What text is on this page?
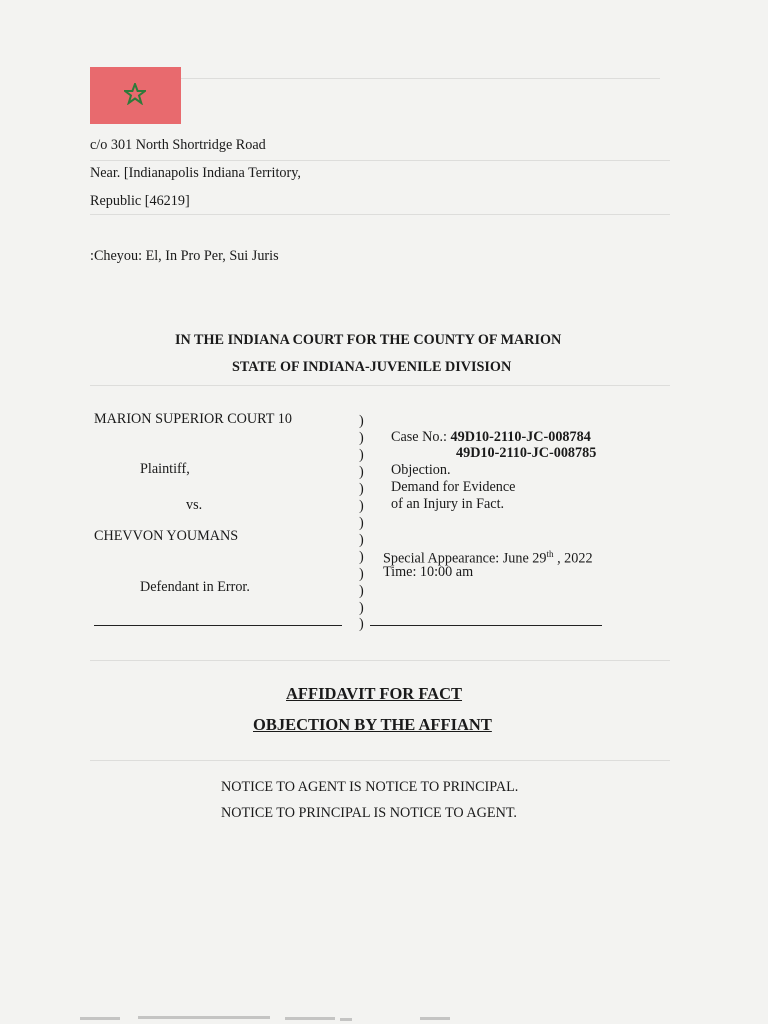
c/o 301 North Shortridge Road
Near. [Indianapolis Indiana Territory,
Republic [46219]
:Cheyou: El, In Pro Per, Sui Juris
IN THE INDIANA COURT FOR THE COUNTY OF MARION
STATE OF INDIANA-JUVENILE DIVISION
MARION SUPERIOR COURT 10
Plaintiff,
vs.
CHEVVON YOUMANS
Defendant in Error.
)
)
)
)
)
)
)
)
)
)
)
)
)
Case No.: 49D10-2110-JC-008784
49D10-2110-JC-008785
Objection.
Demand for Evidence
of an Injury in Fact.
Special Appearance: June 29th , 2022
Time: 10:00 am
AFFIDAVIT FOR FACT
OBJECTION BY THE AFFIANT
NOTICE TO AGENT IS NOTICE TO PRINCIPAL.
NOTICE TO PRINCIPAL IS NOTICE TO AGENT.
